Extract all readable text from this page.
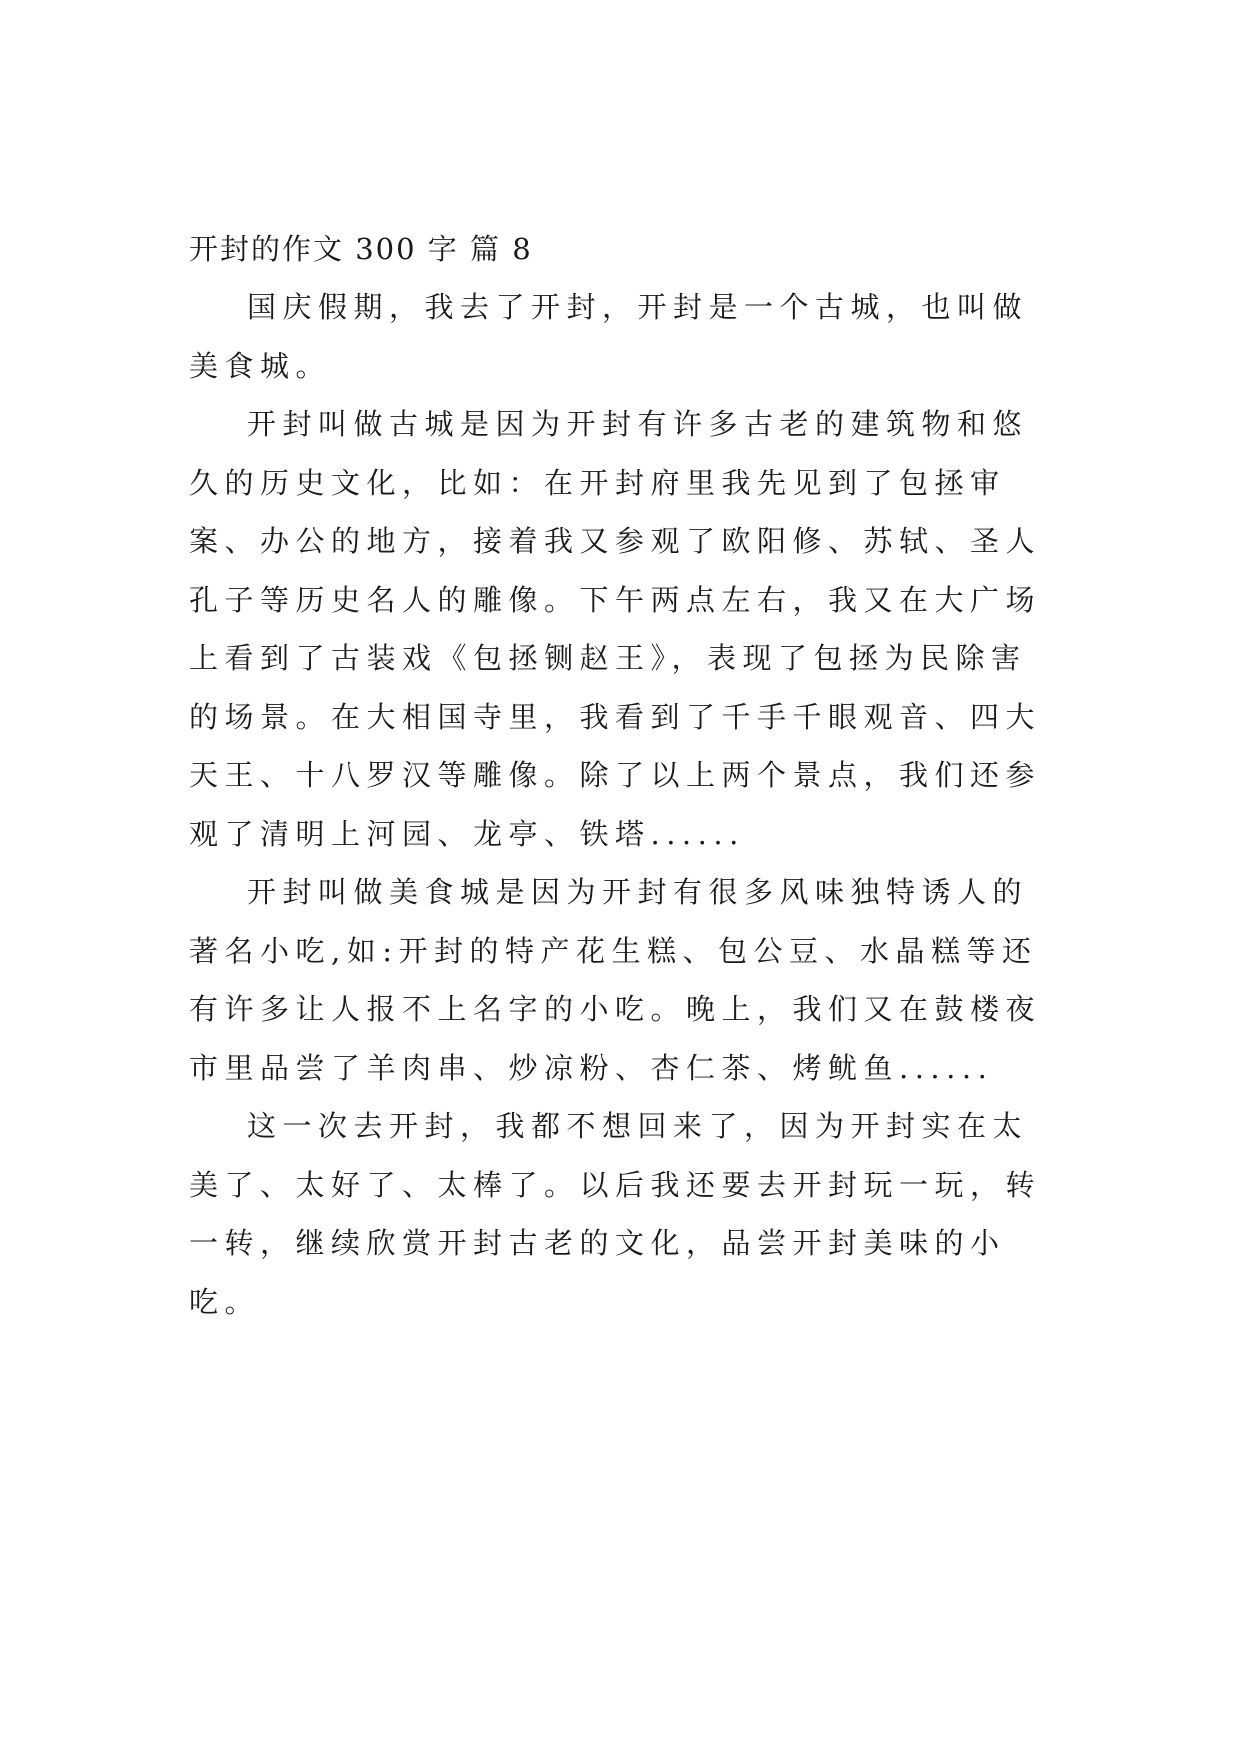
开封的作文 300 字 篇 8

国庆假期，我去了开封，开封是一个古城，也叫做美食城。

开封叫做古城是因为开封有许多古老的建筑物和悠久的历史文化，比如：在开封府里我先见到了包拯审案、办公的地方，接着我又参观了欧阳修、苏轼、圣人孔子等历史名人的雕像。下午两点左右，我又在大广场上看到了古装戏《包拯铡赵王》，表现了包拯为民除害的场景。在大相国寺里，我看到了千手千眼观音、四大天王、十八罗汉等雕像。除了以上两个景点，我们还参观了清明上河园、龙亭、铁塔......

开封叫做美食城是因为开封有很多风味独特诱人的著名小吃,如:开封的特产花生糕、包公豆、水晶糕等还有许多让人报不上名字的小吃。晚上，我们又在鼓楼夜市里品尝了羊肉串、炒凉粉、杏仁茶、烤鱿鱼......

这一次去开封，我都不想回来了，因为开封实在太美了、太好了、太棒了。以后我还要去开封玩一玩，转一转，继续欣赏开封古老的文化，品尝开封美味的小吃。
